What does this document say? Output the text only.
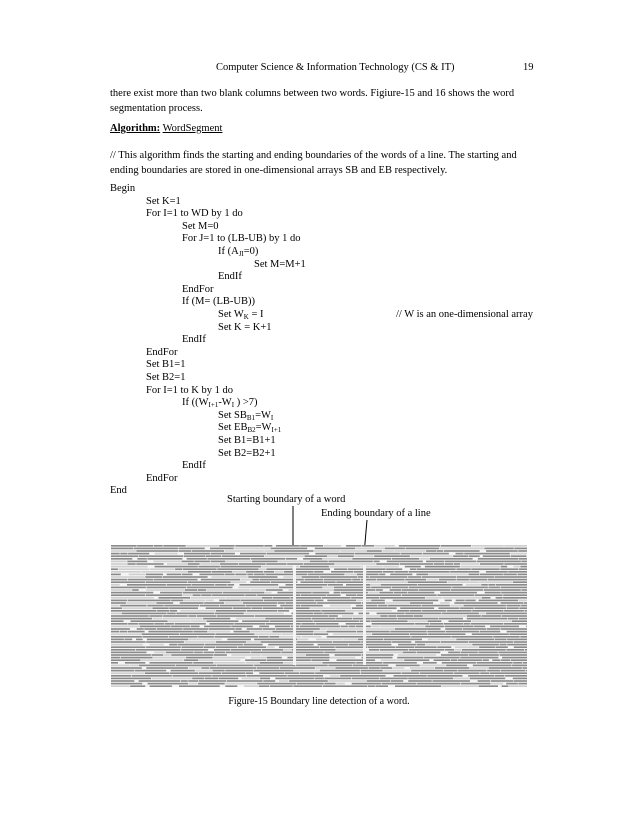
Computer Science & Information Technology (CS & IT)	19
there exist more than two blank columns between two words. Figiure-15 and 16 shows the word segmentation process.
Algorithm: WordSegment
// This algorithm finds the starting and ending boundaries of the words of a line. The starting and ending boundaries are stored in one-dimensional arrays SB and EB respectively.
Begin
Set K=1
For I=1 to WD by 1 do
Set M=0
For J=1 to (LB-UB) by 1 do
If $(A_{JI}=0)$
Set M=M+1
EndIf
EndFor
If (M= (LB-UB))
Set $W_K = I$	// W is an one-dimensional array
Set K = K+1
EndIf
EndFor
Set B1=1
Set B2=1
For I=1 to K by 1 do
If (($W_{I+1}-W_I$ ) >7)
Set $SB_{B1}=W_I$
Set $EB_{B2}=W_{I+1}$
Set B1=B1+1
Set B2=B2+1
EndIf
EndFor
End
Starting boundary of a word
Ending boundary of a line
Figure-15 Boundary line detection of a word.
